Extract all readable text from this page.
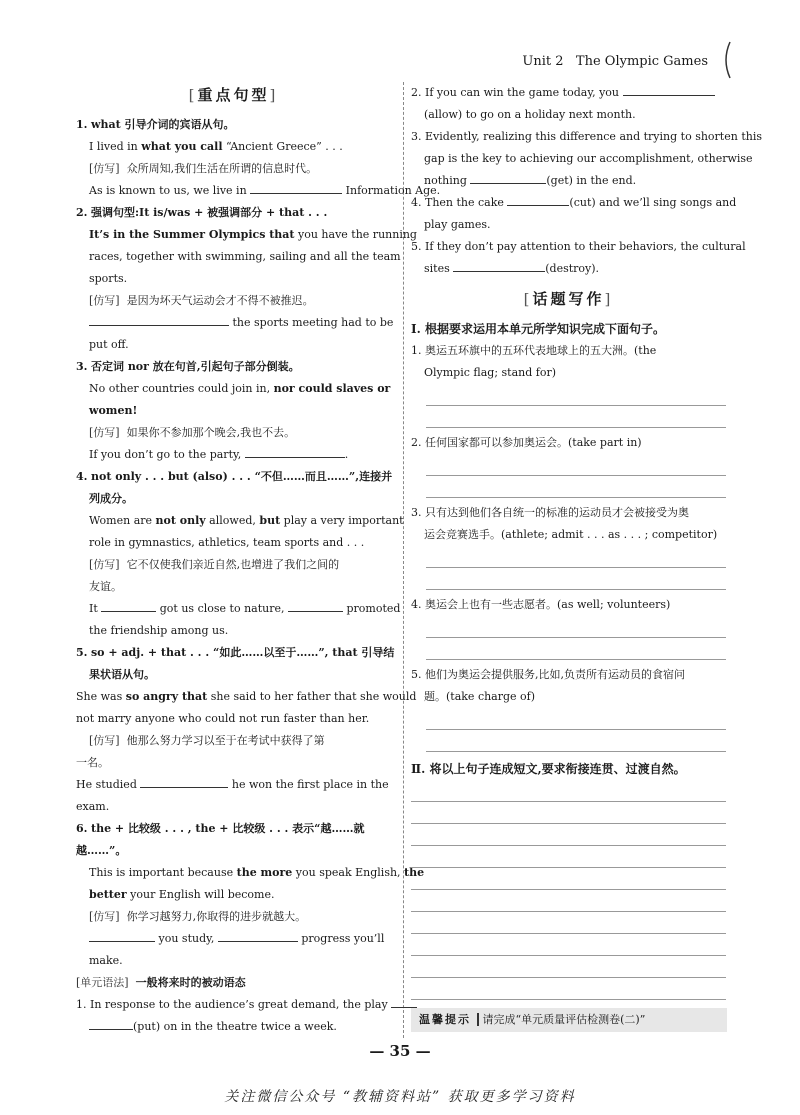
Unit 2 The Olympic Games
[重点句型]
1. what 引导介词的宾语从句。
I lived in what you call “Ancient Greece” . . .
[仿写] 众所周知,我们生活在所谓的信息时代。
As is known to us, we live in	Information Age.
2. 强调句型:It is/was + 被强调部分 + that . . .
It’s in the Summer Olympics that you have the running
races, together with swimming, sailing and all the team
sports.
[仿写] 是因为坏天气运动会才不得不被推迟。
the sports meeting had to be
put off.
3. 否定词 nor 放在句首,引起句子部分倒装。
No other countries could join in, nor could slaves or
women!
[仿写] 如果你不参加那个晚会,我也不去。
If you don’t go to the party,	.
4. not only . . . but (also) . . . “不但……而且……”,连接并
列成分。
Women are not only allowed, but play a very important
role in gymnastics, athletics, team sports and . . .
[仿写] 它不仅使我们亲近自然,也增进了我们之间的
友谊。
It	got us close to nature,	promoted
the friendship among us.
5. so + adj. + that . . . “如此……以至于……”, that 引导结
果状语从句。
She was so angry that she said to her father that she would
not marry anyone who could not run faster than her.
[仿写] 他那么努力学习以至于在考试中获得了第
一名。
He studied	he won the first place in the
exam.
6. the + 比较级 . . . , the + 比较级 . . . 表示“越……就
越……”。
This is important because the more you speak English, the
better your English will become.
[仿写] 你学习越努力,你取得的进步就越大。
you study,	progress you’ll
make.
[单元语法] 一般将来时的被动语态
1. In response to the audience’s great demand, the play
(put) on in the theatre twice a week.
2. If you can win the game today, you
(allow) to go on a holiday next month.
3. Evidently, realizing this difference and trying to shorten this
gap is the key to achieving our accomplishment, otherwise
nothing	(get) in the end.
4. Then the cake	(cut) and we’ll sing songs and
play games.
5. If they don’t pay attention to their behaviors, the cultural
sites	(destroy).
[话题写作]
Ⅰ. 根据要求运用本单元所学知识完成下面句子。
1. 奥运五环旗中的五环代表地球上的五大洲。(the
Olympic flag; stand for)
2. 任何国家都可以参加奥运会。(take part in)
3. 只有达到他们各自统一的标准的运动员才会被接受为奥
运会竞赛选手。(athlete; admit . . . as . . . ; competitor)
4. 奥运会上也有一些志愿者。(as well; volunteers)
5. 他们为奥运会提供服务,比如,负责所有运动员的食宿问
题。(take charge of)
Ⅱ. 将以上句子连成短文,要求衔接连贯、过渡自然。
温馨提示 请完成“单元质量评估检测卷(二)”
— 35 —
关注微信公众号 “教辅资料站” 获取更多学习资料
